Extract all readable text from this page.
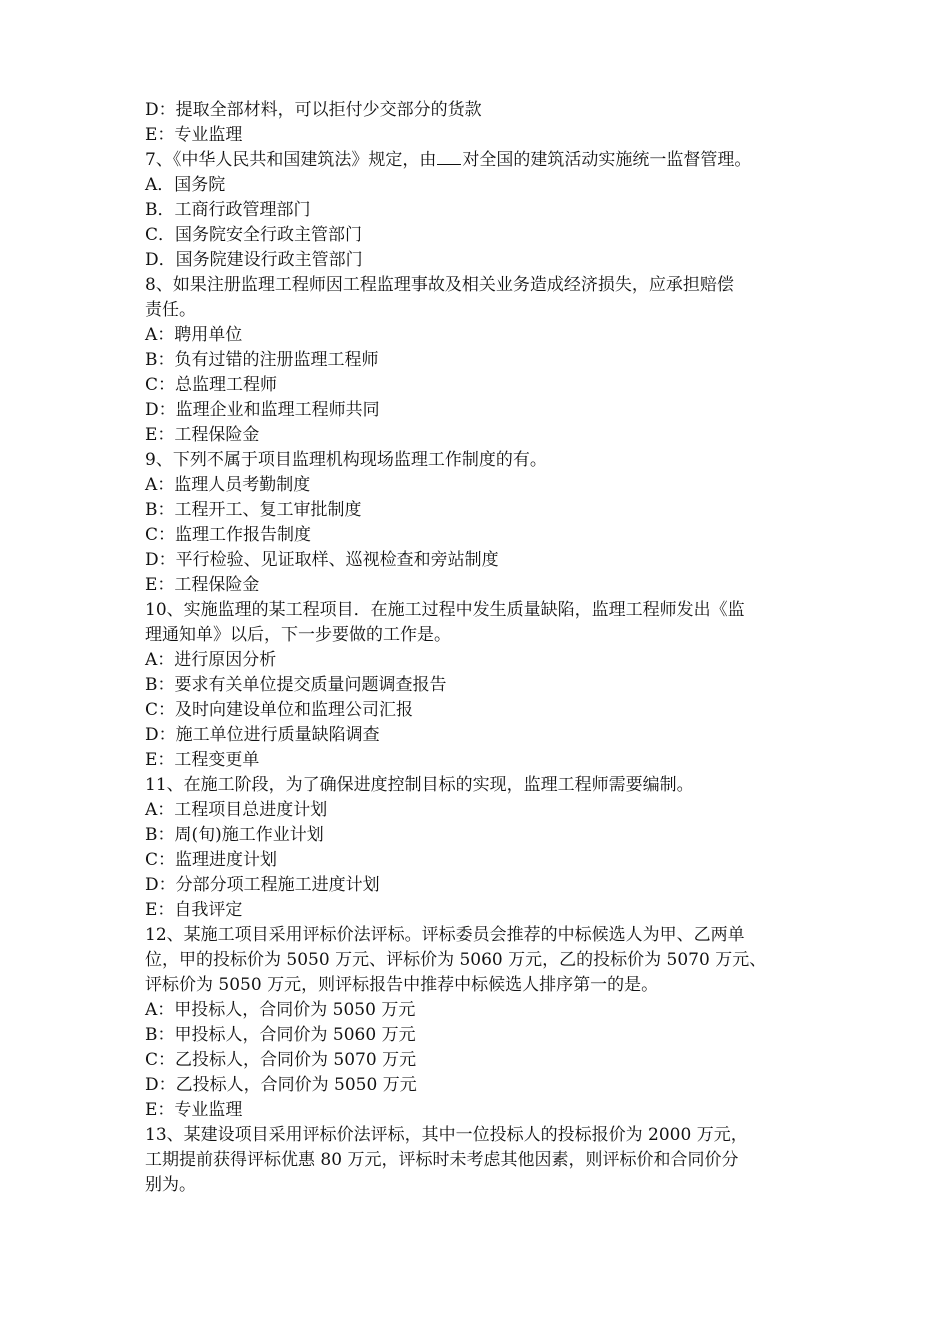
D：提取全部材料，可以拒付少交部分的货款
E：专业监理
7、《中华人民共和国建筑法》规定，由 对全国的建筑活动实施统一监督管理。
A．国务院
B．工商行政管理部门
C．国务院安全行政主管部门
D．国务院建设行政主管部门
8、如果注册监理工程师因工程监理事故及相关业务造成经济损失，应承担赔偿
责任。
A：聘用单位
B：负有过错的注册监理工程师
C：总监理工程师
D：监理企业和监理工程师共同
E：工程保险金
9、下列不属于项目监理机构现场监理工作制度的有。
A：监理人员考勤制度
B：工程开工、复工审批制度
C：监理工作报告制度
D：平行检验、见证取样、巡视检查和旁站制度
E：工程保险金
10、实施监理的某工程项目．在施工过程中发生质量缺陷，监理工程师发出《监
理通知单》以后，下一步要做的工作是。
A：进行原因分析
B：要求有关单位提交质量问题调查报告
C：及时向建设单位和监理公司汇报
D：施工单位进行质量缺陷调查
E：工程变更单
11、在施工阶段，为了确保进度控制目标的实现，监理工程师需要编制。
A：工程项目总进度计划
B：周(旬)施工作业计划
C：监理进度计划
D：分部分项工程施工进度计划
E：自我评定
12、某施工项目采用评标价法评标。评标委员会推荐的中标候选人为甲、乙两单
位，甲的投标价为 5050 万元、评标价为 5060 万元，乙的投标价为 5070 万元、
评标价为 5050 万元，则评标报告中推荐中标候选人排序第一的是。
A：甲投标人，合同价为 5050 万元
B：甲投标人，合同价为 5060 万元
C：乙投标人，合同价为 5070 万元
D：乙投标人，合同价为 5050 万元
E：专业监理
13、某建设项目采用评标价法评标，其中一位投标人的投标报价为 2000 万元，
工期提前获得评标优惠 80 万元，评标时未考虑其他因素，则评标价和合同价分
别为。
